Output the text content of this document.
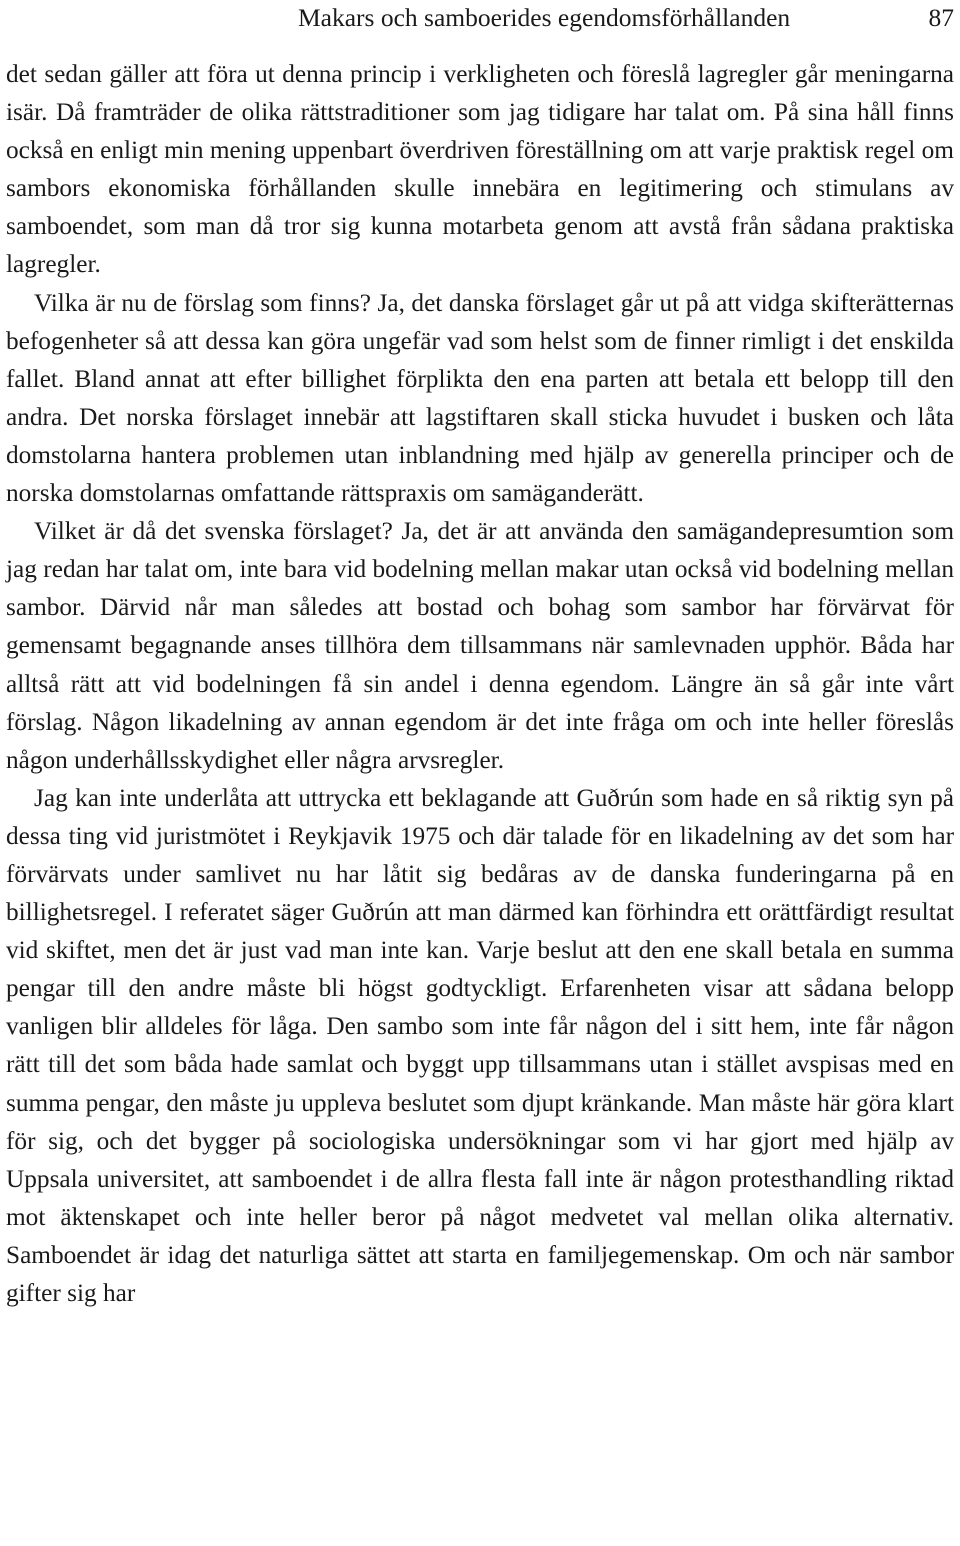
Makars och samboerides egendomsförhållanden	87

det sedan gäller att föra ut denna princip i verkligheten och föreslå lagregler går meningarna isär. Då framträder de olika rättstraditioner som jag tidigare har talat om. På sina håll finns också en enligt min mening uppenbart överdriven föreställning om att varje praktisk regel om sambors ekonomiska förhållanden skulle innebära en legitimering och stimulans av samboendet, som man då tror sig kunna motarbeta genom att avstå från sådana praktiska lagregler.

Vilka är nu de förslag som finns? Ja, det danska förslaget går ut på att vidga skifterätternas befogenheter så att dessa kan göra ungefär vad som helst som de finner rimligt i det enskilda fallet. Bland annat att efter billighet förplikta den ena parten att betala ett belopp till den andra. Det norska förslaget innebär att lagstiftaren skall sticka huvudet i busken och låta domstolarna hantera problemen utan inblandning med hjälp av generella principer och de norska domstolarnas omfattande rättspraxis om samäganderätt.

Vilket är då det svenska förslaget? Ja, det är att använda den samägandepresumtion som jag redan har talat om, inte bara vid bodelning mellan makar utan också vid bodelning mellan sambor. Därvid når man således att bostad och bohag som sambor har förvärvat för gemensamt begagnande anses tillhöra dem tillsammans när samlevnaden upphör. Båda har alltså rätt att vid bodelningen få sin andel i denna egendom. Längre än så går inte vårt förslag. Någon likadelning av annan egendom är det inte fråga om och inte heller föreslås någon underhållsskydighet eller några arvsregler.

Jag kan inte underlåta att uttrycka ett beklagande att Guðrún som hade en så riktig syn på dessa ting vid juristmötet i Reykjavik 1975 och där talade för en likadelning av det som har förvärvats under samlivet nu har låtit sig bedåras av de danska funderingarna på en billighetsregel. I referatet säger Guðrún att man därmed kan förhindra ett orättfärdigt resultat vid skiftet, men det är just vad man inte kan. Varje beslut att den ene skall betala en summa pengar till den andre måste bli högst godtyckligt. Erfarenheten visar att sådana belopp vanligen blir alldeles för låga. Den sambo som inte får någon del i sitt hem, inte får någon rätt till det som båda hade samlat och byggt upp tillsammans utan i stället avspisas med en summa pengar, den måste ju uppleva beslutet som djupt kränkande. Man måste här göra klart för sig, och det bygger på sociologiska undersökningar som vi har gjort med hjälp av Uppsala universitet, att samboendet i de allra flesta fall inte är någon protesthandling riktad mot äktenskapet och inte heller beror på något medvetet val mellan olika alternativ. Samboendet är idag det naturliga sättet att starta en familjegemenskap. Om och när sambor gifter sig har
